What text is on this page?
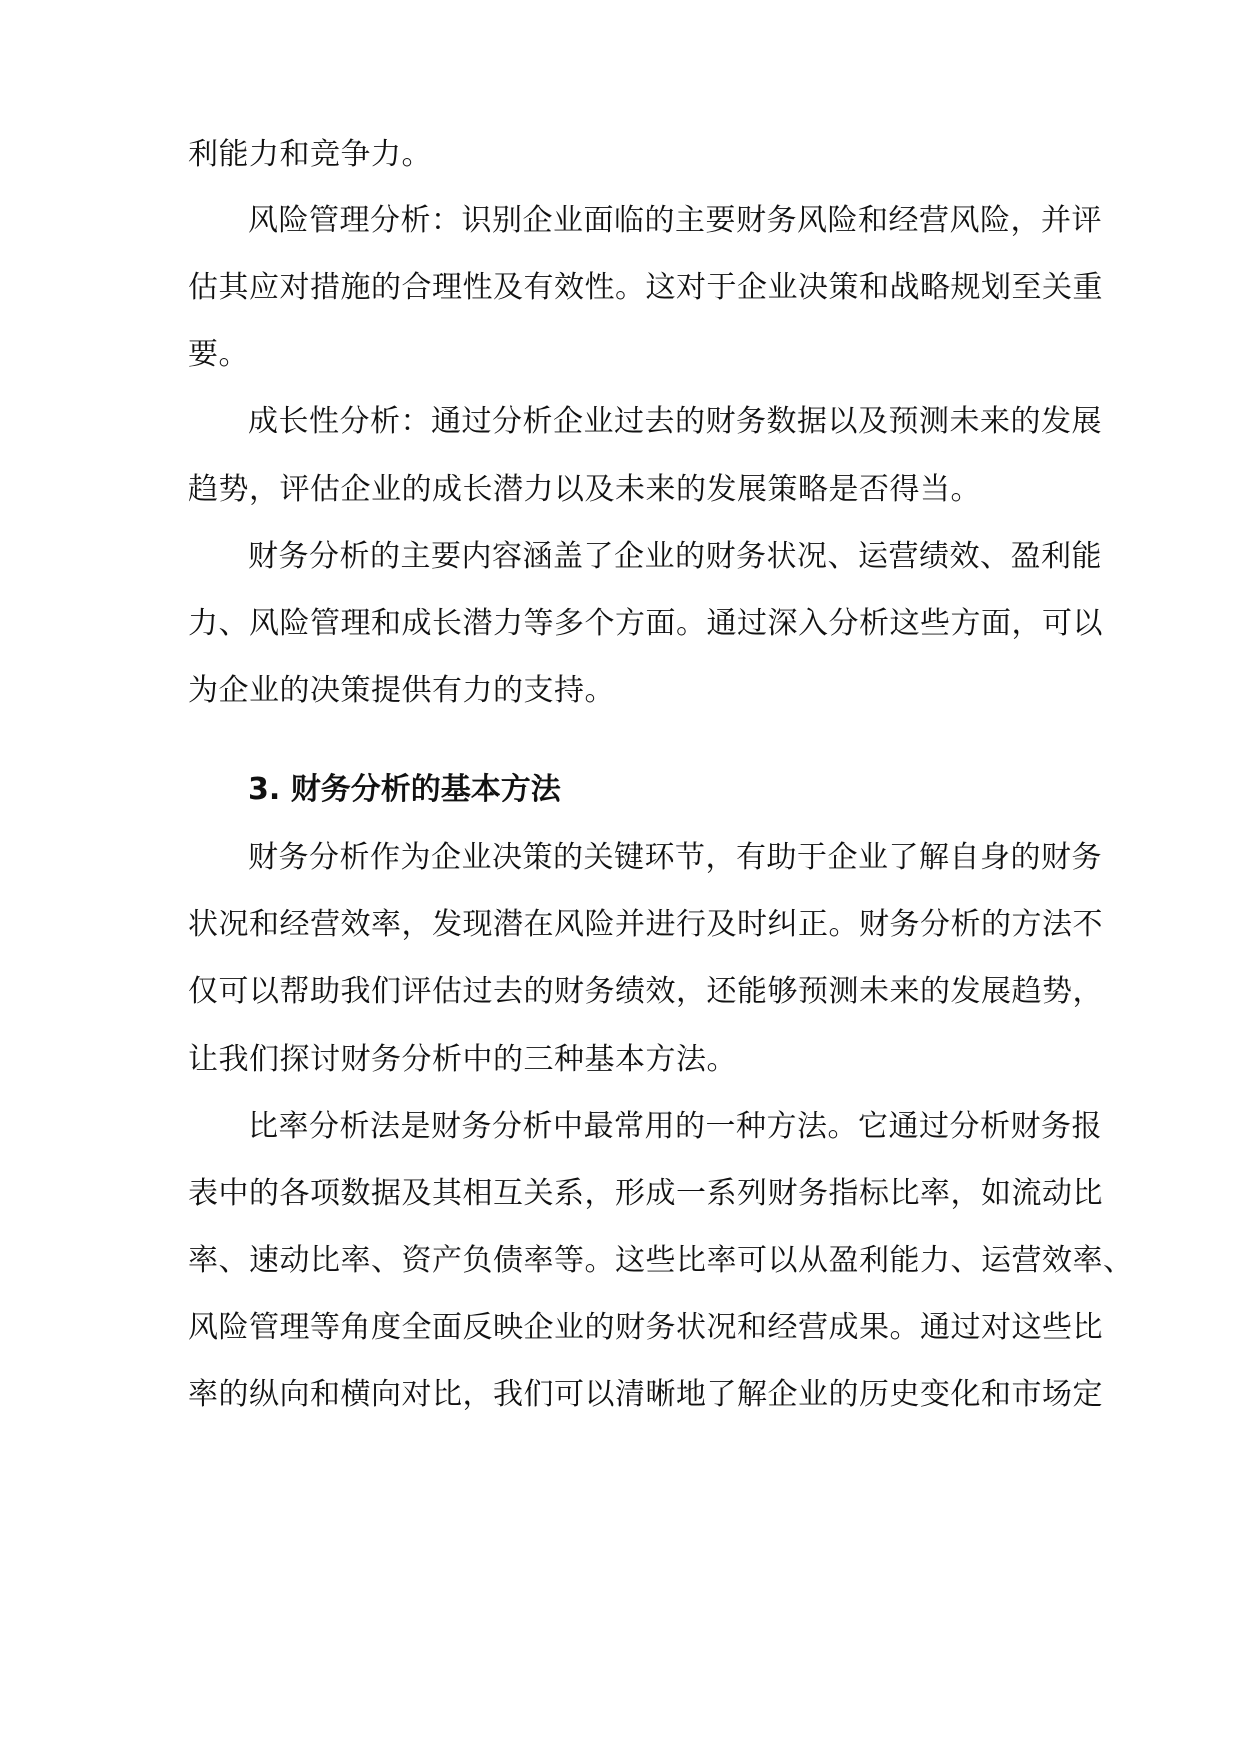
利能力和竞争力。
风险管理分析：识别企业面临的主要财务风险和经营风险，并评
估其应对措施的合理性及有效性。这对于企业决策和战略规划至关重
要。
成长性分析：通过分析企业过去的财务数据以及预测未来的发展
趋势，评估企业的成长潜力以及未来的发展策略是否得当。
财务分析的主要内容涵盖了企业的财务状况、运营绩效、盈利能
力、风险管理和成长潜力等多个方面。通过深入分析这些方面，可以
为企业的决策提供有力的支持。
3. 财务分析的基本方法
财务分析作为企业决策的关键环节，有助于企业了解自身的财务
状况和经营效率，发现潜在风险并进行及时纠正。财务分析的方法不
仅可以帮助我们评估过去的财务绩效，还能够预测未来的发展趋势，
让我们探讨财务分析中的三种基本方法。
比率分析法是财务分析中最常用的一种方法。它通过分析财务报
表中的各项数据及其相互关系，形成一系列财务指标比率，如流动比
率、速动比率、资产负债率等。这些比率可以从盈利能力、运营效率、
风险管理等角度全面反映企业的财务状况和经营成果。通过对这些比
率的纵向和横向对比，我们可以清晰地了解企业的历史变化和市场定
